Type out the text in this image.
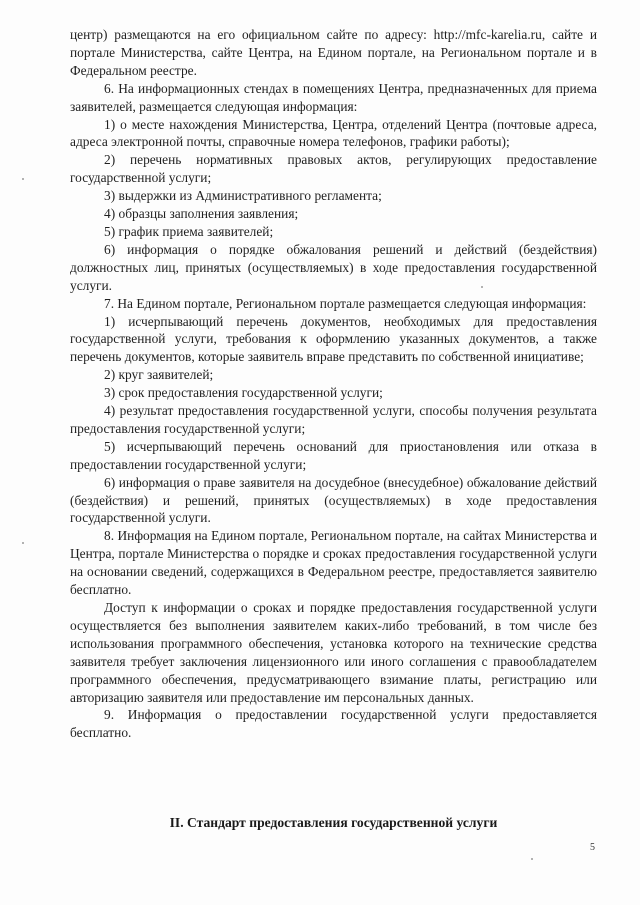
центр) размещаются на его официальном сайте по адресу: http://mfc-karelia.ru, сайте и портале Министерства, сайте Центра, на Едином портале, на Региональном портале и в Федеральном реестре.

6. На информационных стендах в помещениях Центра, предназначенных для приема заявителей, размещается следующая информация:

1) о месте нахождения Министерства, Центра, отделений Центра (почтовые адреса, адреса электронной почты, справочные номера телефонов, графики работы);

2) перечень нормативных правовых актов, регулирующих предоставление государственной услуги;

3) выдержки из Административного регламента;

4) образцы заполнения заявления;

5) график приема заявителей;

6) информация о порядке обжалования решений и действий (бездействия) должностных лиц, принятых (осуществляемых) в ходе предоставления государственной услуги.

7. На Едином портале, Региональном портале размещается следующая информация:

1) исчерпывающий перечень документов, необходимых для предоставления государственной услуги, требования к оформлению указанных документов, а также перечень документов, которые заявитель вправе представить по собственной инициативе;

2) круг заявителей;

3) срок предоставления государственной услуги;

4) результат предоставления государственной услуги, способы получения результата предоставления государственной услуги;

5) исчерпывающий перечень оснований для приостановления или отказа в предоставлении государственной услуги;

6) информация о праве заявителя на досудебное (внесудебное) обжалование действий (бездействия) и решений, принятых (осуществляемых) в ходе предоставления государственной услуги.

8. Информация на Едином портале, Региональном портале, на сайтах Министерства и Центра, портале Министерства о порядке и сроках предоставления государственной услуги на основании сведений, содержащихся в Федеральном реестре, предоставляется заявителю бесплатно.

Доступ к информации о сроках и порядке предоставления государственной услуги осуществляется без выполнения заявителем каких-либо требований, в том числе без использования программного обеспечения, установка которого на технические средства заявителя требует заключения лицензионного или иного соглашения с правообладателем программного обеспечения, предусматривающего взимание платы, регистрацию или авторизацию заявителя или предоставление им персональных данных.

9. Информация о предоставлении государственной услуги предоставляется бесплатно.

II. Стандарт предоставления государственной услуги
5
